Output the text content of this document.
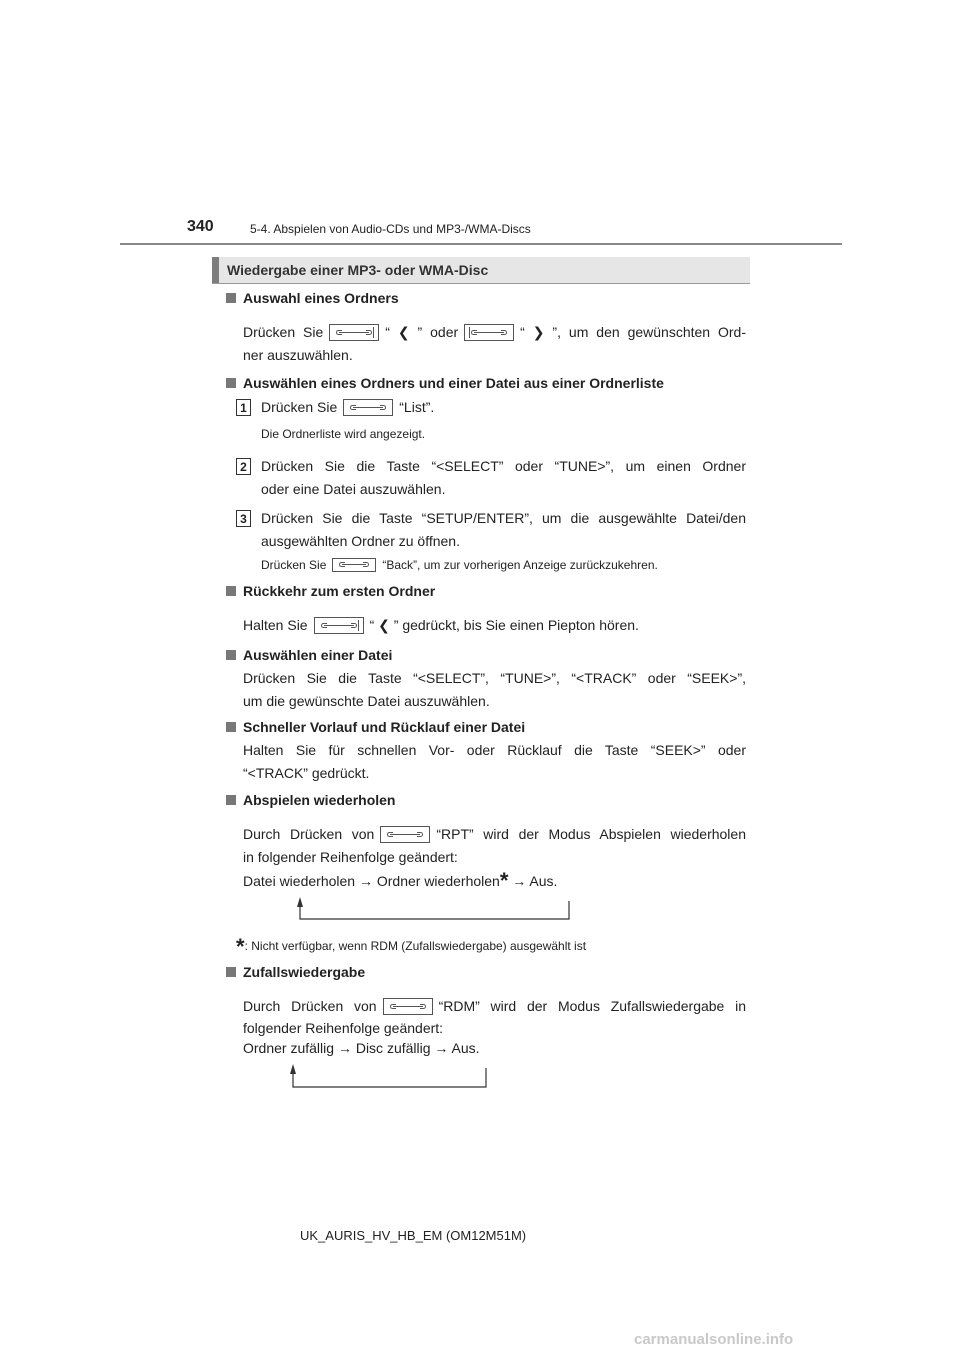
340	5-4. Abspielen von Audio-CDs und MP3-/WMA-Discs
Wiedergabe einer MP3- oder WMA-Disc
Auswahl eines Ordners
Drücken Sie	“ ❮ ” oder	“ ❯ ”, um den gewünschten Ord-
ner auszuwählen.
Auswählen eines Ordners und einer Datei aus einer Ordnerliste
1 Drücken Sie	“List”.
Die Ordnerliste wird angezeigt.
2 Drücken Sie die Taste “<SELECT” oder “TUNE>”, um einen Ordner
oder eine Datei auszuwählen.
3 Drücken Sie die Taste “SETUP/ENTER”, um die ausgewählte Datei/den
ausgewählten Ordner zu öffnen.
Drücken Sie	“Back”, um zur vorherigen Anzeige zurückzukehren.
Rückkehr zum ersten Ordner
Halten Sie	“ ❮ ” gedrückt, bis Sie einen Piepton hören.
Auswählen einer Datei
Drücken Sie die Taste “<SELECT”, “TUNE>”, “<TRACK” oder “SEEK>”,
um die gewünschte Datei auszuwählen.
Schneller Vorlauf und Rücklauf einer Datei
Halten Sie für schnellen Vor- oder Rücklauf die Taste “SEEK>” oder
“<TRACK” gedrückt.
Abspielen wiederholen
Durch Drücken von	“RPT” wird der Modus Abspielen wiederholen
in folgender Reihenfolge geändert:
Datei wiederholen → Ordner wiederholen* → Aus.
*: Nicht verfügbar, wenn RDM (Zufallswiedergabe) ausgewählt ist
Zufallswiedergabe
Durch Drücken von	“RDM” wird der Modus Zufallswiedergabe in
folgender Reihenfolge geändert:
Ordner zufällig → Disc zufällig → Aus.
UK_AURIS_HV_HB_EM (OM12M51M)
carmanualsonline.info
